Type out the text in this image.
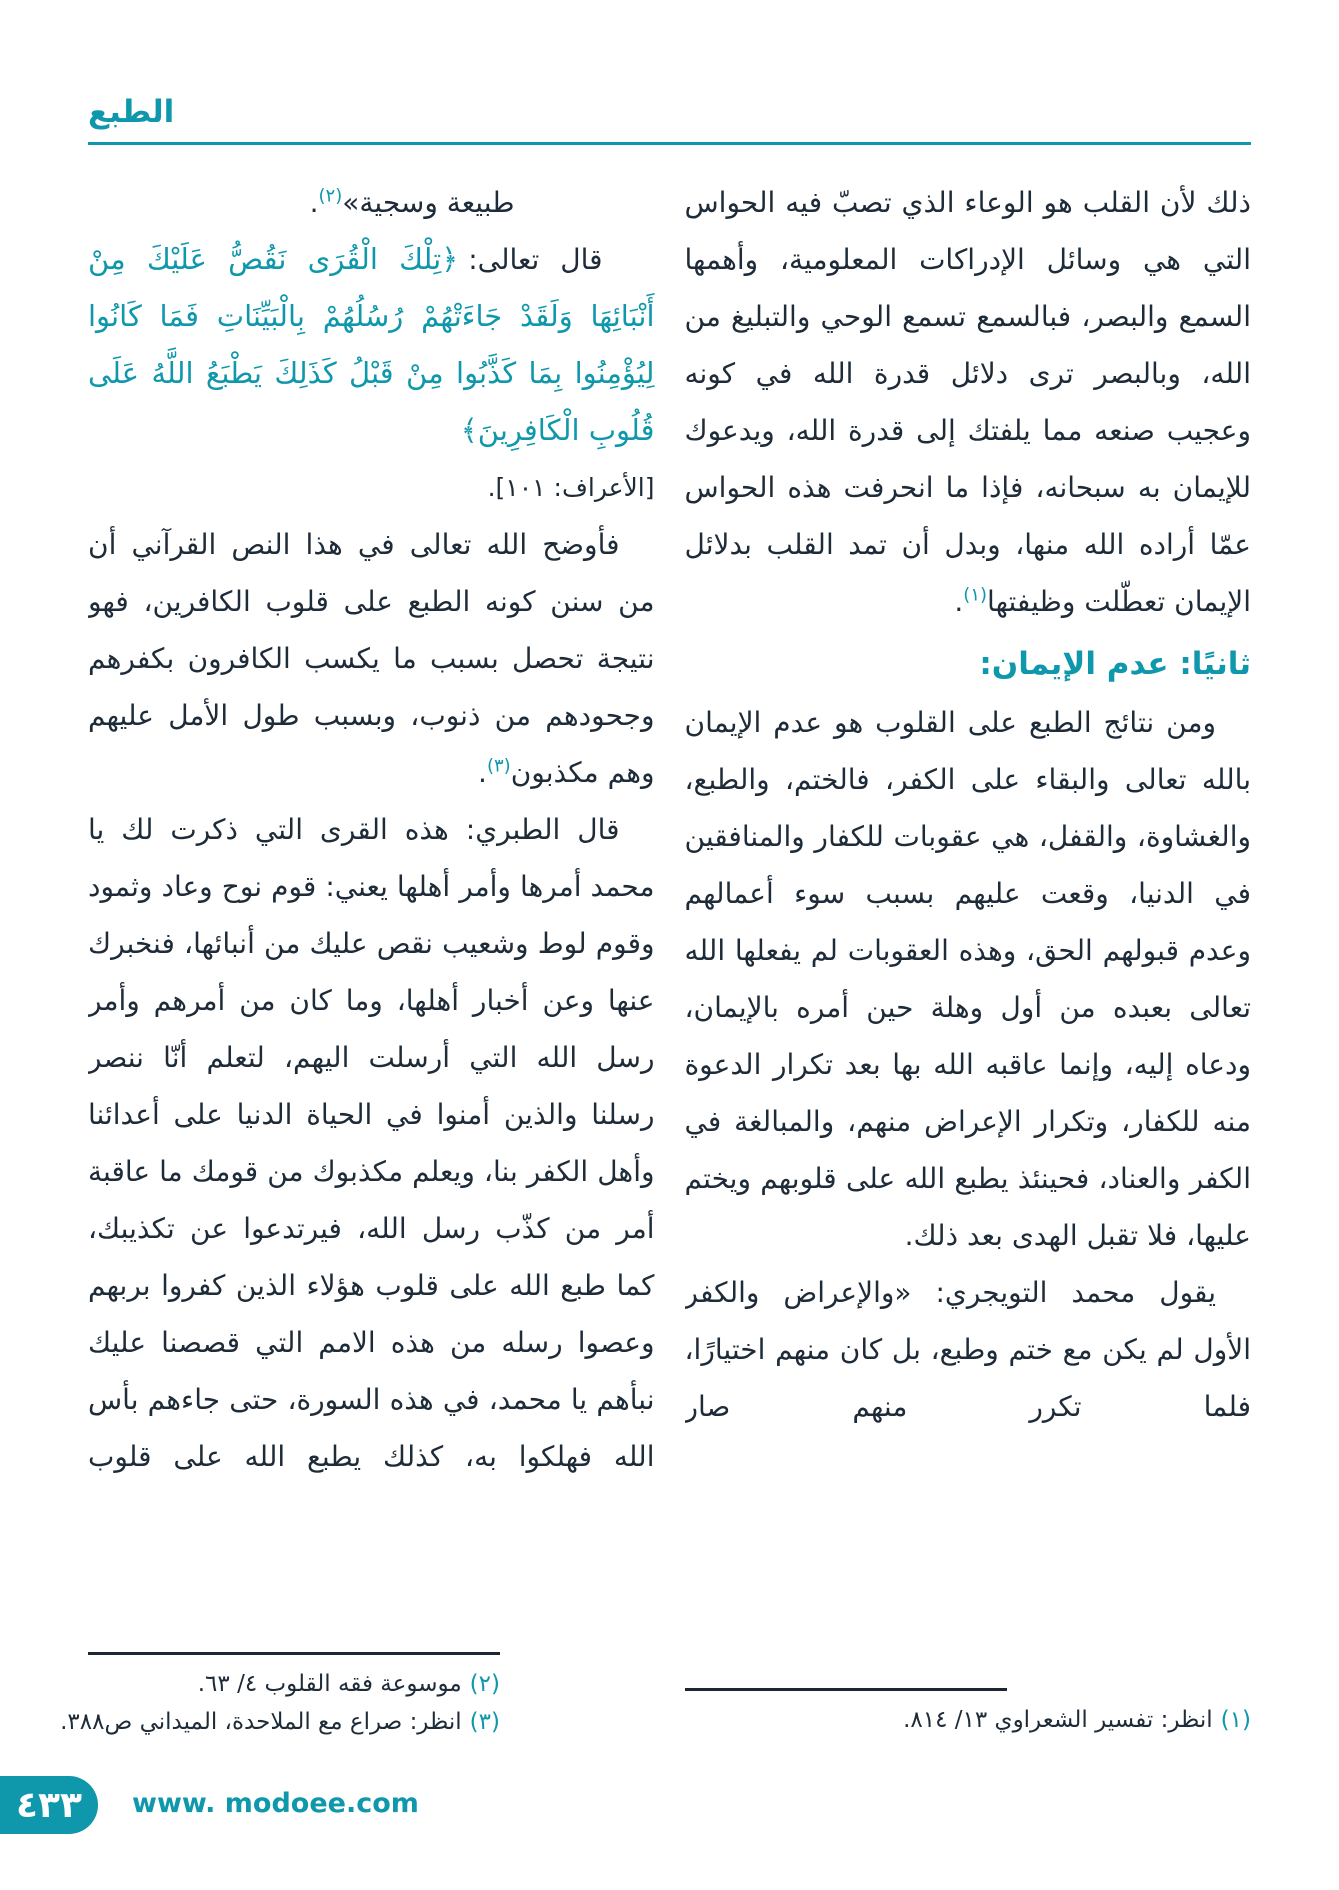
الطبع

ذلك لأن القلب هو الوعاء الذي تصبّ فيه الحواس التي هي وسائل الإدراكات المعلومية، وأهمها السمع والبصر، فبالسمع تسمع الوحي والتبليغ من الله، وبالبصر ترى دلائل قدرة الله في كونه وعجيب صنعه مما يلفتك إلى قدرة الله، ويدعوك للإيمان به سبحانه، فإذا ما انحرفت هذه الحواس عمّا أراده الله منها، وبدل أن تمد القلب بدلائل الإيمان تعطّلت وظيفتها$^{(١)}$.

ثانيًا: عدم الإيمان:

ومن نتائج الطبع على القلوب هو عدم الإيمان بالله تعالى والبقاء على الكفر، فالختم، والطبع، والغشاوة، والقفل، هي عقوبات للكفار والمنافقين في الدنيا، وقعت عليهم بسبب سوء أعمالهم وعدم قبولهم الحق، وهذه العقوبات لم يفعلها الله تعالى بعبده من أول وهلة حين أمره بالإيمان، ودعاه إليه، وإنما عاقبه الله بها بعد تكرار الدعوة منه للكفار، وتكرار الإعراض منهم، والمبالغة في الكفر والعناد، فحينئذ يطبع الله على قلوبهم ويختم عليها، فلا تقبل الهدى بعد ذلك.

يقول محمد التويجري: «والإعراض والكفر الأول لم يكن مع ختم وطبع، بل كان منهم اختيارًا، فلما تكرر منهم صار

طبيعة وسجية»$^{(٢)}$.

قال تعالى:﴿تِلْكَ الْقُرَى نَقُصُّ عَلَيْكَ مِنْ أَنْبَائِهَا وَلَقَدْ جَاءَتْهُمْ رُسُلُهُمْ بِالْبَيِّنَاتِ فَمَا كَانُوا لِيُؤْمِنُوا بِمَا كَذَّبُوا مِنْ قَبْلُ كَذَلِكَ يَطْبَعُ اللَّهُ عَلَى قُلُوبِ الْكَافِرِينَ﴾

[الأعراف: ١٠١].

فأوضح الله تعالى في هذا النص القرآني أن من سنن كونه الطبع على قلوب الكافرين، فهو نتيجة تحصل بسبب ما يكسب الكافرون بكفرهم وجحودهم من ذنوب، وبسبب طول الأمل عليهم وهم مكذبون$^{(٣)}$.

قال الطبري: هذه القرى التي ذكرت لك يا محمد أمرها وأمر أهلها يعني: قوم نوح وعاد وثمود وقوم لوط وشعيب نقص عليك من أنبائها، فنخبرك عنها وعن أخبار أهلها، وما كان من أمرهم وأمر رسل الله التي أرسلت اليهم، لتعلم أنّا ننصر رسلنا والذين أمنوا في الحياة الدنيا على أعدائنا وأهل الكفر بنا، ويعلم مكذبوك من قومك ما عاقبة أمر من كذّب رسل الله، فيرتدعوا عن تكذيبك، كما طبع الله على قلوب هؤلاء الذين كفروا بربهم وعصوا رسله من هذه الامم التي قصصنا عليك نبأهم يا محمد، في هذه السورة، حتى جاءهم بأس الله فهلكوا به، كذلك يطبع الله على قلوب

(١)انظر: تفسير الشعراوي ١٣/ ٨١٤.

(٢)موسوعة فقه القلوب ٤/ ٦٣.

(٣)انظر: صراع مع الملاحدة، الميداني ص٣٨٨.

٤٣٣ www. modoee.com
